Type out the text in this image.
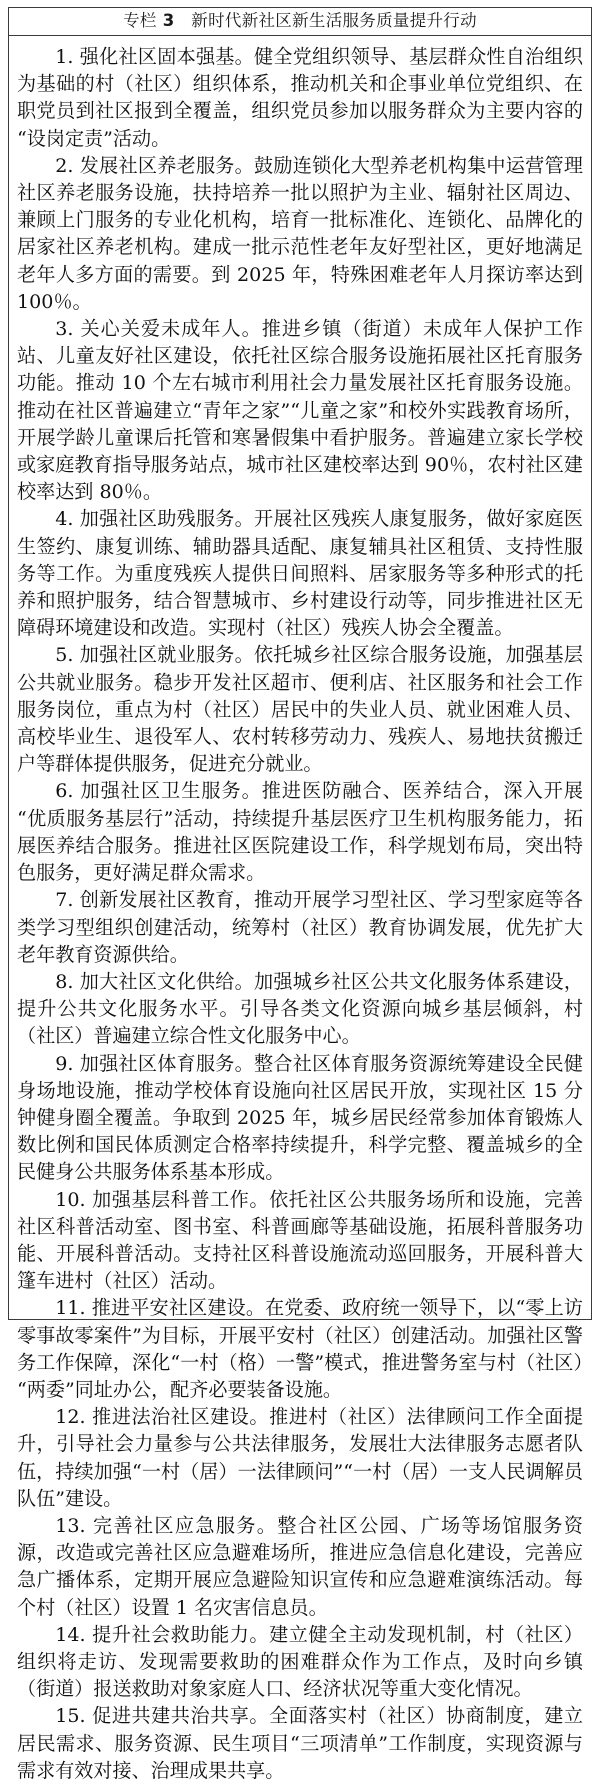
专栏 3　新时代新社区新生活服务质量提升行动

1. 强化社区固本强基。健全党组织领导、基层群众性自治组织为基础的村（社区）组织体系，推动机关和企事业单位党组织、在职党员到社区报到全覆盖，组织党员参加以服务群众为主要内容的“设岗定责”活动。

2. 发展社区养老服务。鼓励连锁化大型养老机构集中运营管理社区养老服务设施，扶持培养一批以照护为主业、辐射社区周边、兼顾上门服务的专业化机构，培育一批标准化、连锁化、品牌化的居家社区养老机构。建成一批示范性老年友好型社区，更好地满足老年人多方面的需要。到 2025 年，特殊困难老年人月探访率达到 100％。

3. 关心关爱未成年人。推进乡镇（街道）未成年人保护工作站、儿童友好社区建设，依托社区综合服务设施拓展社区托育服务功能。推动 10 个左右城市利用社会力量发展社区托育服务设施。推动在社区普遍建立“青年之家”“儿童之家”和校外实践教育场所，开展学龄儿童课后托管和寒暑假集中看护服务。普遍建立家长学校或家庭教育指导服务站点，城市社区建校率达到 90％，农村社区建校率达到 80％。

4. 加强社区助残服务。开展社区残疾人康复服务，做好家庭医生签约、康复训练、辅助器具适配、康复辅具社区租赁、支持性服务等工作。为重度残疾人提供日间照料、居家服务等多种形式的托养和照护服务，结合智慧城市、乡村建设行动等，同步推进社区无障碍环境建设和改造。实现村（社区）残疾人协会全覆盖。

5. 加强社区就业服务。依托城乡社区综合服务设施，加强基层公共就业服务。稳步开发社区超市、便利店、社区服务和社会工作服务岗位，重点为村（社区）居民中的失业人员、就业困难人员、高校毕业生、退役军人、农村转移劳动力、残疾人、易地扶贫搬迁户等群体提供服务，促进充分就业。

6. 加强社区卫生服务。推进医防融合、医养结合，深入开展“优质服务基层行”活动，持续提升基层医疗卫生机构服务能力，拓展医养结合服务。推进社区医院建设工作，科学规划布局，突出特色服务，更好满足群众需求。

7. 创新发展社区教育，推动开展学习型社区、学习型家庭等各类学习型组织创建活动，统筹村（社区）教育协调发展，优先扩大老年教育资源供给。

8. 加大社区文化供给。加强城乡社区公共文化服务体系建设，提升公共文化服务水平。引导各类文化资源向城乡基层倾斜，村（社区）普遍建立综合性文化服务中心。

9. 加强社区体育服务。整合社区体育服务资源统筹建设全民健身场地设施，推动学校体育设施向社区居民开放，实现社区 15 分钟健身圈全覆盖。争取到 2025 年，城乡居民经常参加体育锻炼人数比例和国民体质测定合格率持续提升，科学完整、覆盖城乡的全民健身公共服务体系基本形成。

10. 加强基层科普工作。依托社区公共服务场所和设施，完善社区科普活动室、图书室、科普画廊等基础设施，拓展科普服务功能、开展科普活动。支持社区科普设施流动巡回服务，开展科普大篷车进村（社区）活动。

11. 推进平安社区建设。在党委、政府统一领导下，以“零上访零事故零案件”为目标，开展平安村（社区）创建活动。加强社区警务工作保障，深化“一村（格）一警”模式，推进警务室与村（社区）“两委”同址办公，配齐必要装备设施。

12. 推进法治社区建设。推进村（社区）法律顾问工作全面提升，引导社会力量参与公共法律服务，发展壮大法律服务志愿者队伍，持续加强“一村（居）一法律顾问”“一村（居）一支人民调解员队伍”建设。

13. 完善社区应急服务。整合社区公园、广场等场馆服务资源，改造或完善社区应急避难场所，推进应急信息化建设，完善应急广播体系，定期开展应急避险知识宣传和应急避难演练活动。每个村（社区）设置 1 名灾害信息员。

14. 提升社会救助能力。建立健全主动发现机制，村（社区）组织将走访、发现需要救助的困难群众作为工作点，及时向乡镇（街道）报送救助对象家庭人口、经济状况等重大变化情况。

15. 促进共建共治共享。全面落实村（社区）协商制度，建立居民需求、服务资源、民生项目“三项清单”工作制度，实现资源与需求有效对接、治理成果共享。
